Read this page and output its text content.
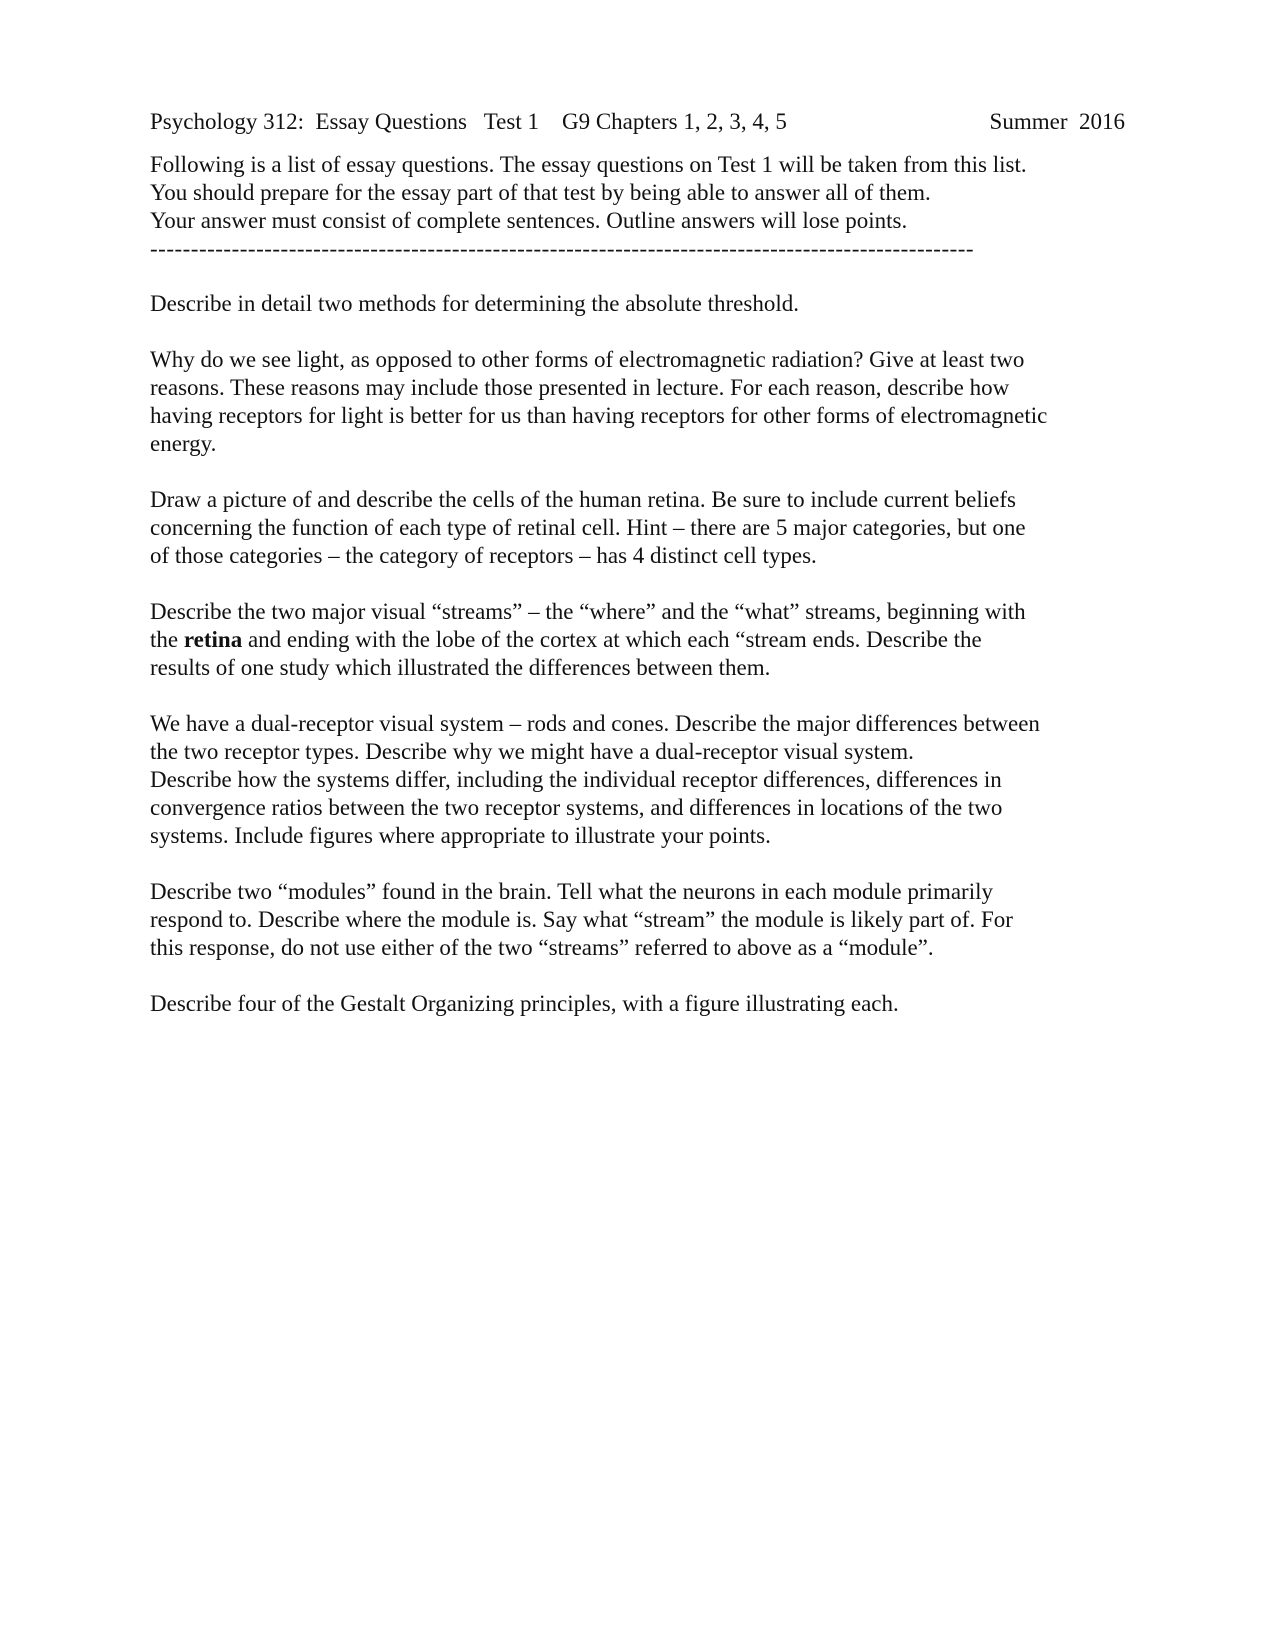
Psychology 312:  Essay Questions   Test 1    G9 Chapters 1, 2, 3, 4, 5	Summer  2016

Following is a list of essay questions. The essay questions on Test 1 will be taken from this list.
You should prepare for the essay part of that test by being able to answer all of them.
Your answer must consist of complete sentences. Outline answers will lose points.

-----------------------------------------------------------------------------------------------------

Describe in detail two methods for determining the absolute threshold.

Why do we see light, as opposed to other forms of electromagnetic radiation? Give at least two
reasons. These reasons may include those presented in lecture. For each reason, describe how
having receptors for light is better for us than having receptors for other forms of electromagnetic
energy.

Draw a picture of and describe the cells of the human retina. Be sure to include current beliefs
concerning the function of each type of retinal cell. Hint – there are 5 major categories, but one
of those categories – the category of receptors – has 4 distinct cell types.

Describe the two major visual “streams” – the “where” and the “what” streams, beginning with
the retina and ending with the lobe of the cortex at which each “stream ends. Describe the
results of one study which illustrated the differences between them.

We have a dual-receptor visual system – rods and cones. Describe the major differences between
the two receptor types. Describe why we might have a dual-receptor visual system.
Describe how the systems differ, including the individual receptor differences, differences in
convergence ratios between the two receptor systems, and differences in locations of the two
systems. Include figures where appropriate to illustrate your points.

Describe two “modules” found in the brain. Tell what the neurons in each module primarily
respond to. Describe where the module is. Say what “stream” the module is likely part of. For
this response, do not use either of the two “streams” referred to above as a “module”.

Describe four of the Gestalt Organizing principles, with a figure illustrating each.
